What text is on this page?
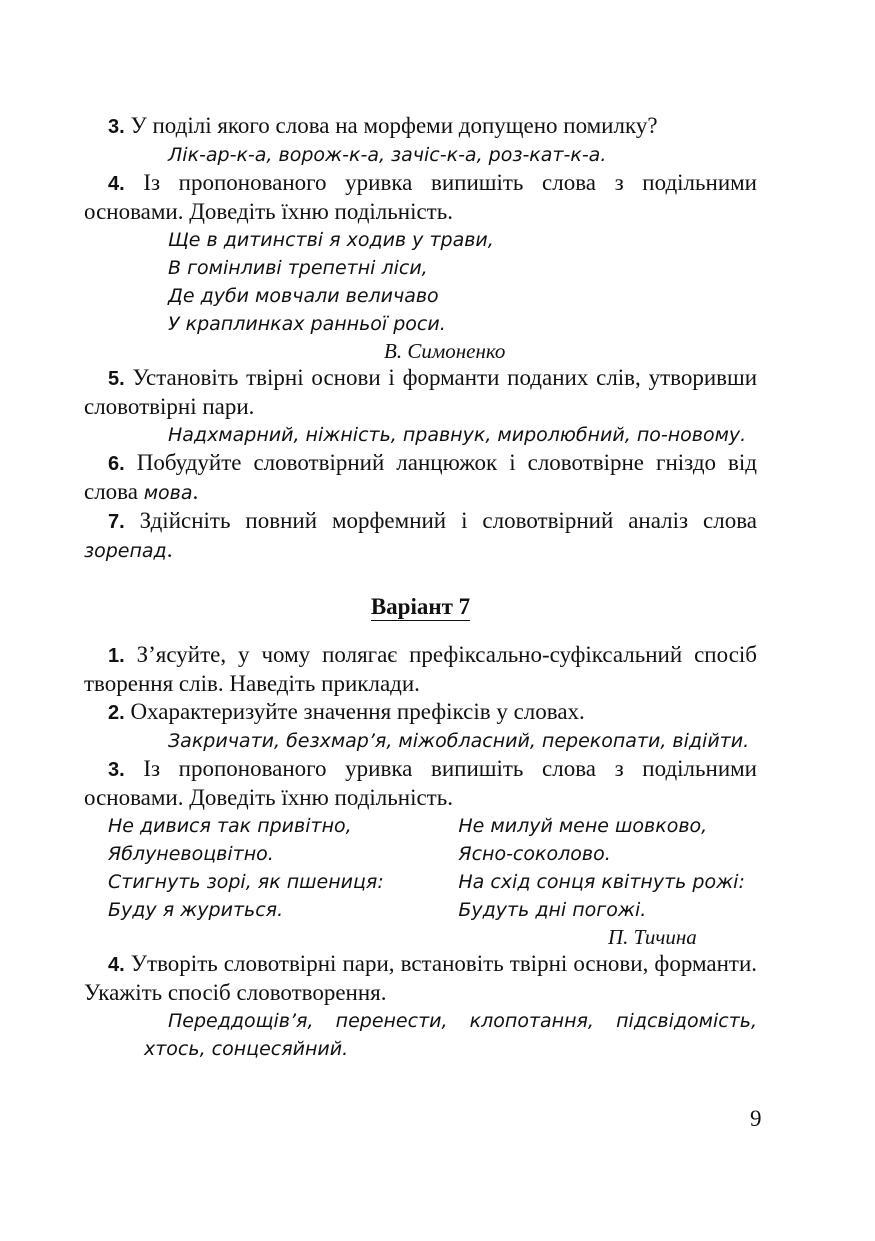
3. У поділі якого слова на морфеми допущено помилку?

Лік-ар-к-а, ворож-к-а, зачіс-к-а, роз-кат-к-а.

4. Із пропонованого уривка випишіть слова з подільними основами. Доведіть їхню подільність.

Ще в дитинстві я ходив у трави,
В гомінливі трепетні ліси,
Де дуби мовчали величаво
У краплинках ранньої роси.

В. Симоненко

5. Установіть твірні основи і форманти поданих слів, утворивши словотвірні пари.

Надхмарний, ніжність, правнук, миролюбний, по-новому.

6. Побудуйте словотвірний ланцюжок і словотвірне гніздо від слова мова.

7. Здійсніть повний морфемний і словотвірний аналіз слова зорепад.

Варіант 7

1. З’ясуйте, у чому полягає префіксально-суфіксальний спосіб творення слів. Наведіть приклади.

2. Охарактеризуйте значення префіксів у словах.

Закричати, безхмар’я, міжобласний, перекопати, відійти.

3. Із пропонованого уривка випишіть слова з подільними основами. Доведіть їхню подільність.

Не дивися так привітно,
Яблуневоцвітно.
Стигнуть зорі, як пшениця:
Буду я журиться.
Не милуй мене шовково,
Ясно-соколово.
На схід сонця квітнуть рожі:
Будуть дні погожі.

П. Тичина

4. Утворіть словотвірні пари, встановіть твірні основи, форманти. Укажіть спосіб словотворення.

Переддощів’я, перенести, клопотання, підсвідомість, хтось, сонцесяйний.

9
